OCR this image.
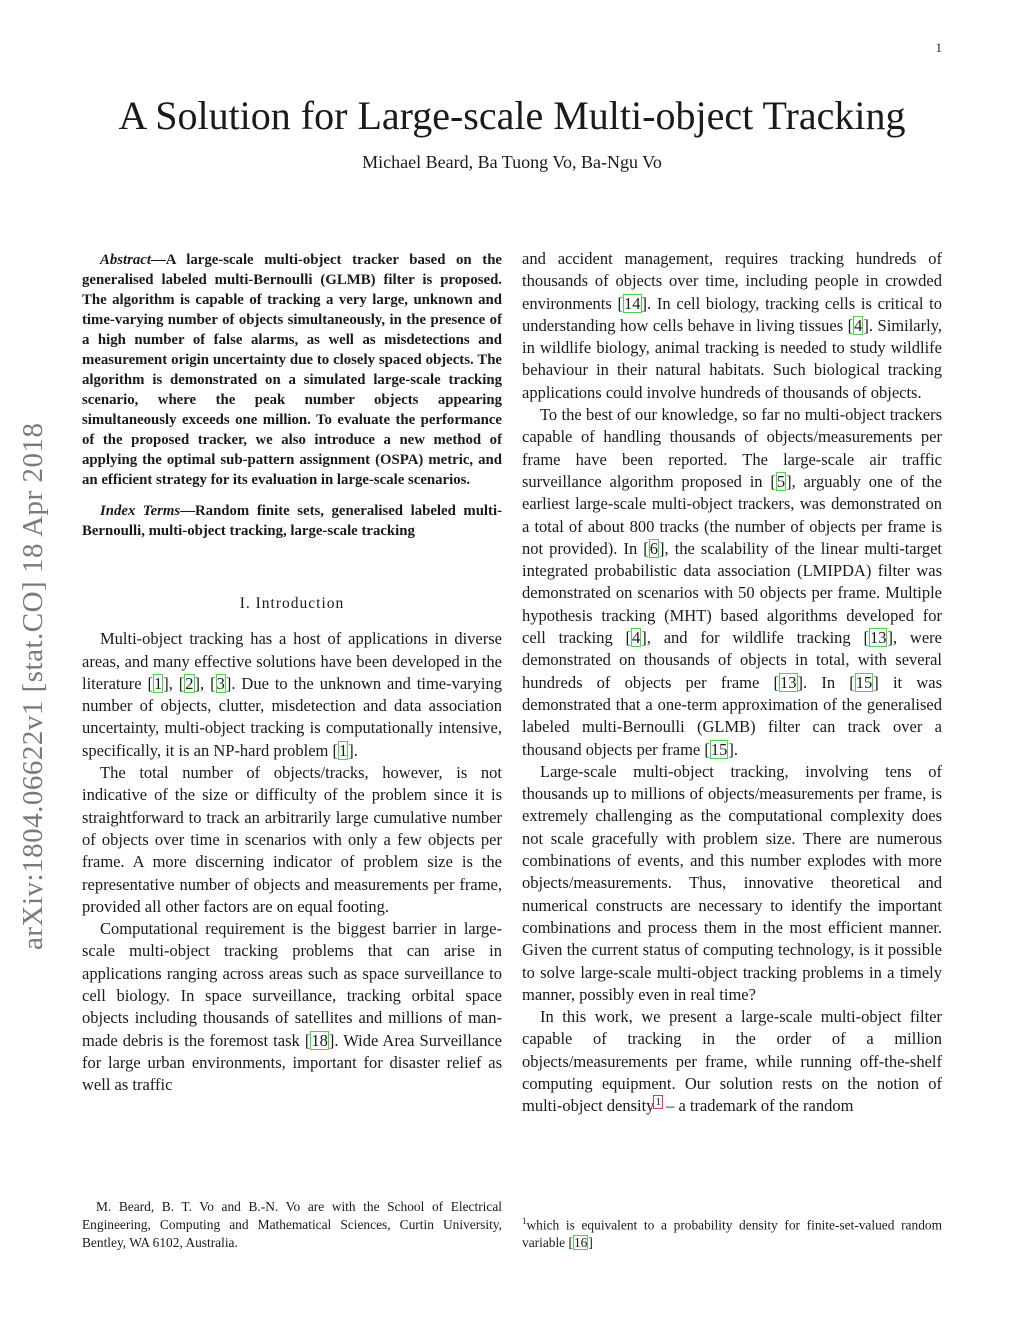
1
A Solution for Large-scale Multi-object Tracking
Michael Beard, Ba Tuong Vo, Ba-Ngu Vo
arXiv:1804.06622v1 [stat.CO] 18 Apr 2018
Abstract—A large-scale multi-object tracker based on the generalised labeled multi-Bernoulli (GLMB) filter is proposed. The algorithm is capable of tracking a very large, unknown and time-varying number of objects simultaneously, in the presence of a high number of false alarms, as well as misdetections and measurement origin uncertainty due to closely spaced objects. The algorithm is demonstrated on a simulated large-scale tracking scenario, where the peak number objects appearing simultaneously exceeds one million. To evaluate the performance of the proposed tracker, we also introduce a new method of applying the optimal sub-pattern assignment (OSPA) metric, and an efficient strategy for its evaluation in large-scale scenarios.
Index Terms—Random finite sets, generalised labeled multi-Bernoulli, multi-object tracking, large-scale tracking
I. Introduction

Multi-object tracking has a host of applications in diverse areas, and many effective solutions have been developed in the literature [1], [2], [3]. Due to the unknown and time-varying number of objects, clutter, misdetection and data association uncertainty, multi-object tracking is computationally intensive, specifically, it is an NP-hard problem [1].

The total number of objects/tracks, however, is not indicative of the size or difficulty of the problem since it is straightforward to track an arbitrarily large cumulative number of objects over time in scenarios with only a few objects per frame. A more discerning indicator of problem size is the representative number of objects and measurements per frame, provided all other factors are on equal footing.

Computational requirement is the biggest barrier in large-scale multi-object tracking problems that can arise in applications ranging across areas such as space surveillance to cell biology. In space surveillance, tracking orbital space objects including thousands of satellites and millions of man-made debris is the foremost task [18]. Wide Area Surveillance for large urban environments, important for disaster relief as well as traffic

M. Beard, B. T. Vo and B.-N. Vo are with the School of Electrical Engineering, Computing and Mathematical Sciences, Curtin University, Bentley, WA 6102, Australia.

and accident management, requires tracking hundreds of thousands of objects over time, including people in crowded environments [14]. In cell biology, tracking cells is critical to understanding how cells behave in living tissues [4]. Similarly, in wildlife biology, animal tracking is needed to study wildlife behaviour in their natural habitats. Such biological tracking applications could involve hundreds of thousands of objects.

To the best of our knowledge, so far no multi-object trackers capable of handling thousands of objects/measurements per frame have been reported. The large-scale air traffic surveillance algorithm proposed in [5], arguably one of the earliest large-scale multi-object trackers, was demonstrated on a total of about 800 tracks (the number of objects per frame is not provided). In [6], the scalability of the linear multi-target integrated probabilistic data association (LMIPDA) filter was demonstrated on scenarios with 50 objects per frame. Multiple hypothesis tracking (MHT) based algorithms developed for cell tracking [4], and for wildlife tracking [13], were demonstrated on thousands of objects in total, with several hundreds of objects per frame [13]. In [15] it was demonstrated that a one-term approximation of the generalised labeled multi-Bernoulli (GLMB) filter can track over a thousand objects per frame [15].

Large-scale multi-object tracking, involving tens of thousands up to millions of objects/measurements per frame, is extremely challenging as the computational complexity does not scale gracefully with problem size. There are numerous combinations of events, and this number explodes with more objects/measurements. Thus, innovative theoretical and numerical constructs are necessary to identify the important combinations and process them in the most efficient manner. Given the current status of computing technology, is it possible to solve large-scale multi-object tracking problems in a timely manner, possibly even in real time?

In this work, we present a large-scale multi-object filter capable of tracking in the order of a million objects/measurements per frame, while running off-the-shelf computing equipment. Our solution rests on the notion of multi-object density$^1$ – a trademark of the random

$^1$which is equivalent to a probability density for finite-set-valued random variable [16]
